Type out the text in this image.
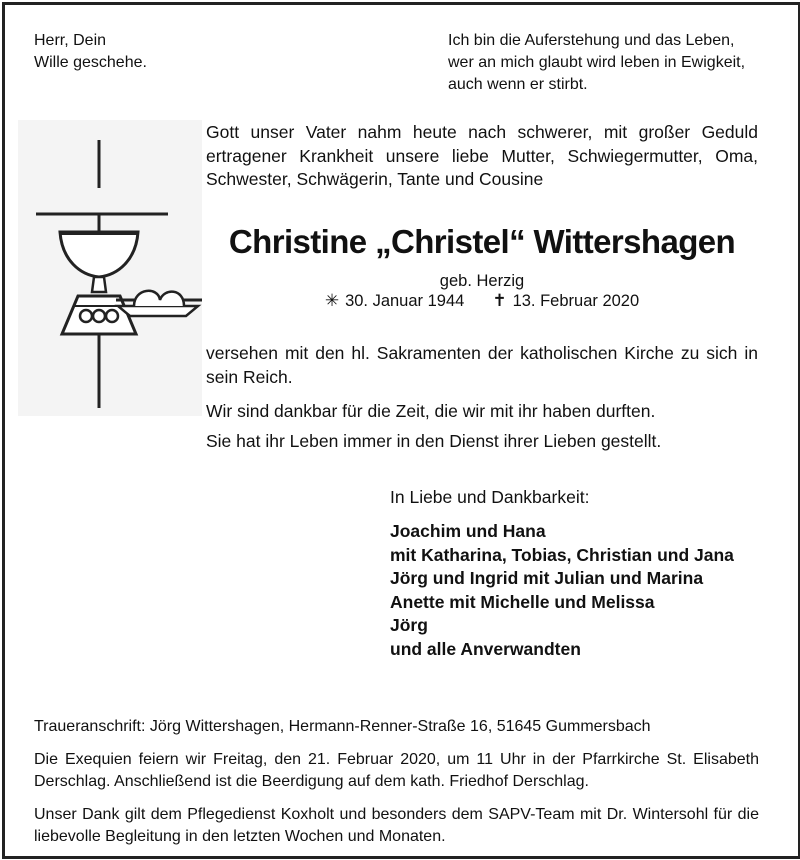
Herr, Dein
Wille geschehe.
Ich bin die Auferstehung und das Leben,
wer an mich glaubt wird leben in Ewigkeit,
auch wenn er stirbt.

Gott unser Vater nahm heute nach schwerer, mit großer Geduld ertragener Krankheit unsere liebe Mutter, Schwiegermutter, Oma, Schwester, Schwägerin, Tante und Cousine

Christine „Christel“ Wittershagen
geb. Herzig
✳ 30. Januar 1944 ✝ 13. Februar 2020

versehen mit den hl. Sakramenten der katholischen Kirche zu sich in sein Reich.

Wir sind dankbar für die Zeit, die wir mit ihr haben durften.

Sie hat ihr Leben immer in den Dienst ihrer Lieben gestellt.

In Liebe und Dankbarkeit:

Joachim und Hana
mit Katharina, Tobias, Christian und Jana
Jörg und Ingrid mit Julian und Marina
Anette mit Michelle und Melissa
Jörg
und alle Anverwandten

Traueranschrift: Jörg Wittershagen, Hermann-Renner-Straße 16, 51645 Gummersbach

Die Exequien feiern wir Freitag, den 21. Februar 2020, um 11 Uhr in der Pfarrkirche St. Elisabeth Derschlag. Anschließend ist die Beerdigung auf dem kath. Friedhof Derschlag.

Unser Dank gilt dem Pflegedienst Koxholt und besonders dem SAPV-Team mit Dr. Wintersohl für die liebevolle Begleitung in den letzten Wochen und Monaten.
